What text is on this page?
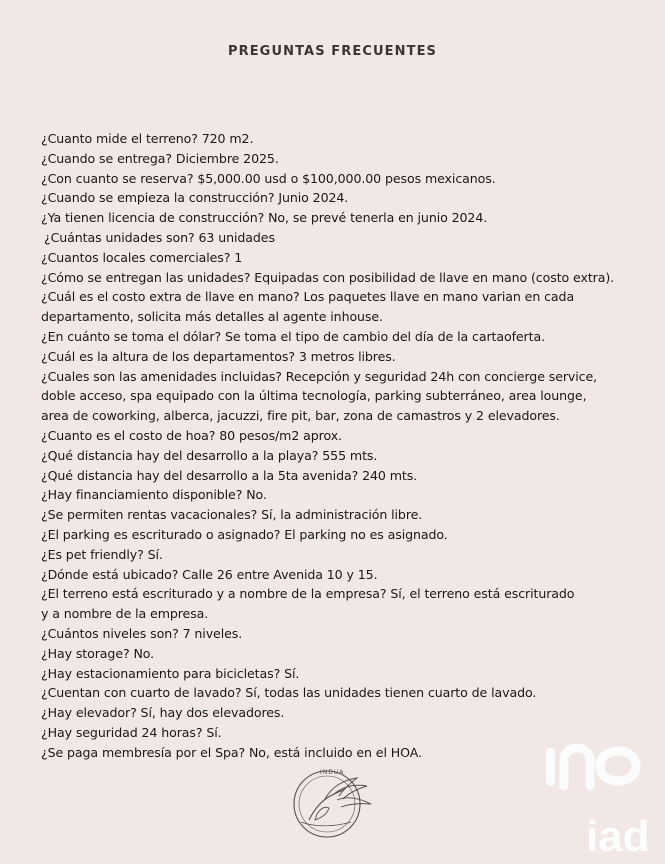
PREGUNTAS FRECUENTES
¿Cuanto mide el terreno? 720 m2.
¿Cuando se entrega? Diciembre 2025.
¿Con cuanto se reserva? $5,000.00 usd o $100,000.00 pesos mexicanos.
¿Cuando se empieza la construcción? Junio 2024.
¿Ya tienen licencia de construcción? No, se prevé tenerla en junio 2024.
¿Cuántas unidades son? 63 unidades
¿Cuantos locales comerciales? 1
¿Cómo se entregan las unidades? Equipadas con posibilidad de llave en mano (costo extra).
¿Cuál es el costo extra de llave en mano? Los paquetes llave en mano varian en cada
departamento, solicita más detalles al agente inhouse.
¿En cuánto se toma el dólar? Se toma el tipo de cambio del día de la cartaoferta.
¿Cuál es la altura de los departamentos? 3 metros libres.
¿Cuales son las amenidades incluidas? Recepción y seguridad 24h con concierge service,
doble acceso, spa equipado con la última tecnología, parking subterráneo, area lounge,
area de coworking, alberca, jacuzzi, fire pit, bar, zona de camastros y 2 elevadores.
¿Cuanto es el costo de hoa? 80 pesos/m2 aprox.
¿Qué distancia hay del desarrollo a la playa? 555 mts.
¿Qué distancia hay del desarrollo a la 5ta avenida? 240 mts.
¿Hay financiamiento disponible? No.
¿Se permiten rentas vacacionales? Sí, la administración libre.
¿El parking es escriturado o asignado? El parking no es asignado.
¿Es pet friendly? Sí.
¿Dónde está ubicado? Calle 26 entre Avenida 10 y 15.
¿El terreno está escriturado y a nombre de la empresa? Sí, el terreno está escriturado
y a nombre de la empresa.
¿Cuántos niveles son? 7 niveles.
¿Hay storage? No.
¿Hay estacionamiento para bicicletas? Sí.
¿Cuentan con cuarto de lavado? Sí, todas las unidades tienen cuarto de lavado.
¿Hay elevador? Sí, hay dos elevadores.
¿Hay seguridad 24 horas? Sí.
¿Se paga membresía por el Spa? No, está incluido en el HOA.
INDUA
iad
